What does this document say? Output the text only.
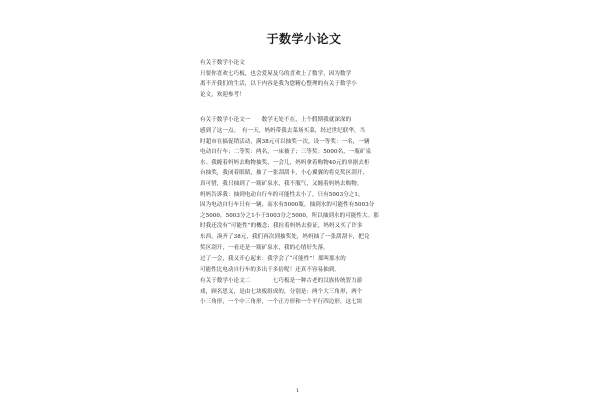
于数学小论文

有关于数学小论文

只要你喜欢七巧板，也会爱屋及乌的喜欢上了数学，因为数学
离不开我们的生活，以下内容是我为您精心整理的有关于数学小
论文，欢迎参考！

有关于数学小论文一　　数学无处不在，上个假期我就深深的
感到了这一点。　有一天，妈妈带我去菜场买菜，经过世纪联华，当
时超市在搞促销活动，满38元可以抽奖一次，设一等奖：一名，一辆
电动自行车；二等奖：两名，一床被子；三等奖：5000名，一瓶矿泉
水。我缠着妈妈去购物抽奖，一会儿，妈妈拿着购物40元的单据去柜
台抽奖，我闭着眼睛，抽了一张刮刮卡，小心翼翼的将兑奖区刮开，
真可惜，我只抽到了一瓶矿泉水，我不服气，又缠着妈妈去购物。
妈妈告诉我：抽到电动自行车的可能性太小了，只有5003分之1，
因为电动自行车只有一辆，而水有5000瓶，抽到水的可能性有5003分
之5000，5003分之1小于5003分之5000，所以抽到水的可能性大。那
时我还没有“可能性”的概念；我拉着妈妈去验证，妈妈又买了许多
东西，凑齐了38元，我们再次到抽奖处，妈妈抽了一张刮刮卡，把兑
奖区刮开，一看还是一瓶矿泉水，我的心情好失落。

过了一会，我又开心起来：我学会了“可能性”！那叫那水的
可能性比电动自行车的多出千多倍呢！还真不容易抽到。

有关于数学小论文二　　　　七巧板是一种古老的汉族传统智力游
戏，顾名思义，是由七块板组成的，分别是：两个大三角形，两个
小三角形，一个中三角形，一个正方形和一个平行四边形，这七块

1
